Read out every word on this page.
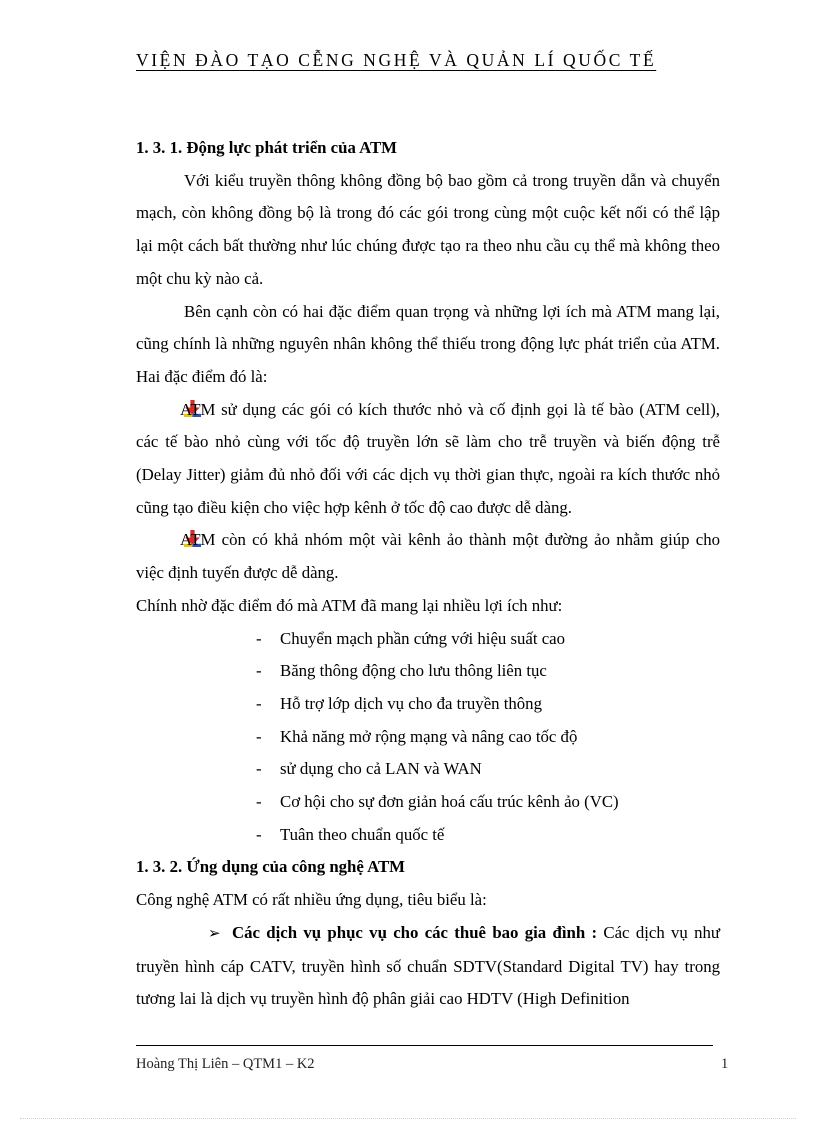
VIỆN ĐÀO TẠO CỄNG NGHỆ VÀ QUẢN LÍ QUỐC TẾ

1. 3. 1. Động lực phát triển của ATM

Với kiểu truyền thông không đồng bộ bao gồm cả trong truyền dẫn và chuyển mạch, còn không đồng bộ là trong đó các gói trong cùng một cuộc kết nối có thể lập lại một cách bất thường như lúc chúng được tạo ra theo nhu cầu cụ thể mà không theo một chu kỳ nào cả.

Bên cạnh còn có hai đặc điểm quan trọng và những lợi ích mà ATM mang lại, cũng chính là những nguyên nhân không thể thiếu trong động lực phát triển của ATM. Hai đặc điểm đó là:

ATM sử dụng các gói có kích thước nhỏ và cố định gọi là tế bào (ATM cell), các tế bào nhỏ cùng với tốc độ truyền lớn sẽ làm cho trễ truyền và biến động trễ (Delay Jitter) giảm đủ nhỏ đối với các dịch vụ thời gian thực, ngoài ra kích thước nhỏ cũng tạo điều kiện cho việc hợp kênh ở tốc độ cao được dễ dàng.

ATM còn có khả nhóm một vài kênh ảo thành một đường ảo nhằm giúp cho việc định tuyến được dễ dàng.

Chính nhờ đặc điểm đó mà ATM đã mang lại nhiều lợi ích như:

- Chuyển mạch phần cứng với hiệu suất cao
- Băng thông động cho lưu thông liên tục
- Hỗ trợ lớp dịch vụ cho đa truyền thông
- Khả năng mở rộng mạng và nâng cao tốc độ
- sử dụng cho cả LAN và WAN
- Cơ hội cho sự đơn giản hoá cấu trúc kênh ảo (VC)
- Tuân theo chuẩn quốc tế

1. 3. 2. Ứng dụng của công nghệ ATM

Công nghệ ATM có rất nhiều ứng dụng, tiêu biểu là:

➢ Các dịch vụ phục vụ cho các thuê bao gia đình : Các dịch vụ như truyền hình cáp CATV, truyền hình số chuẩn SDTV(Standard Digital TV) hay trong tương lai là dịch vụ truyền hình độ phân giải cao HDTV (High Definition

Hoàng Thị Liên – QTM1 – K2	1
